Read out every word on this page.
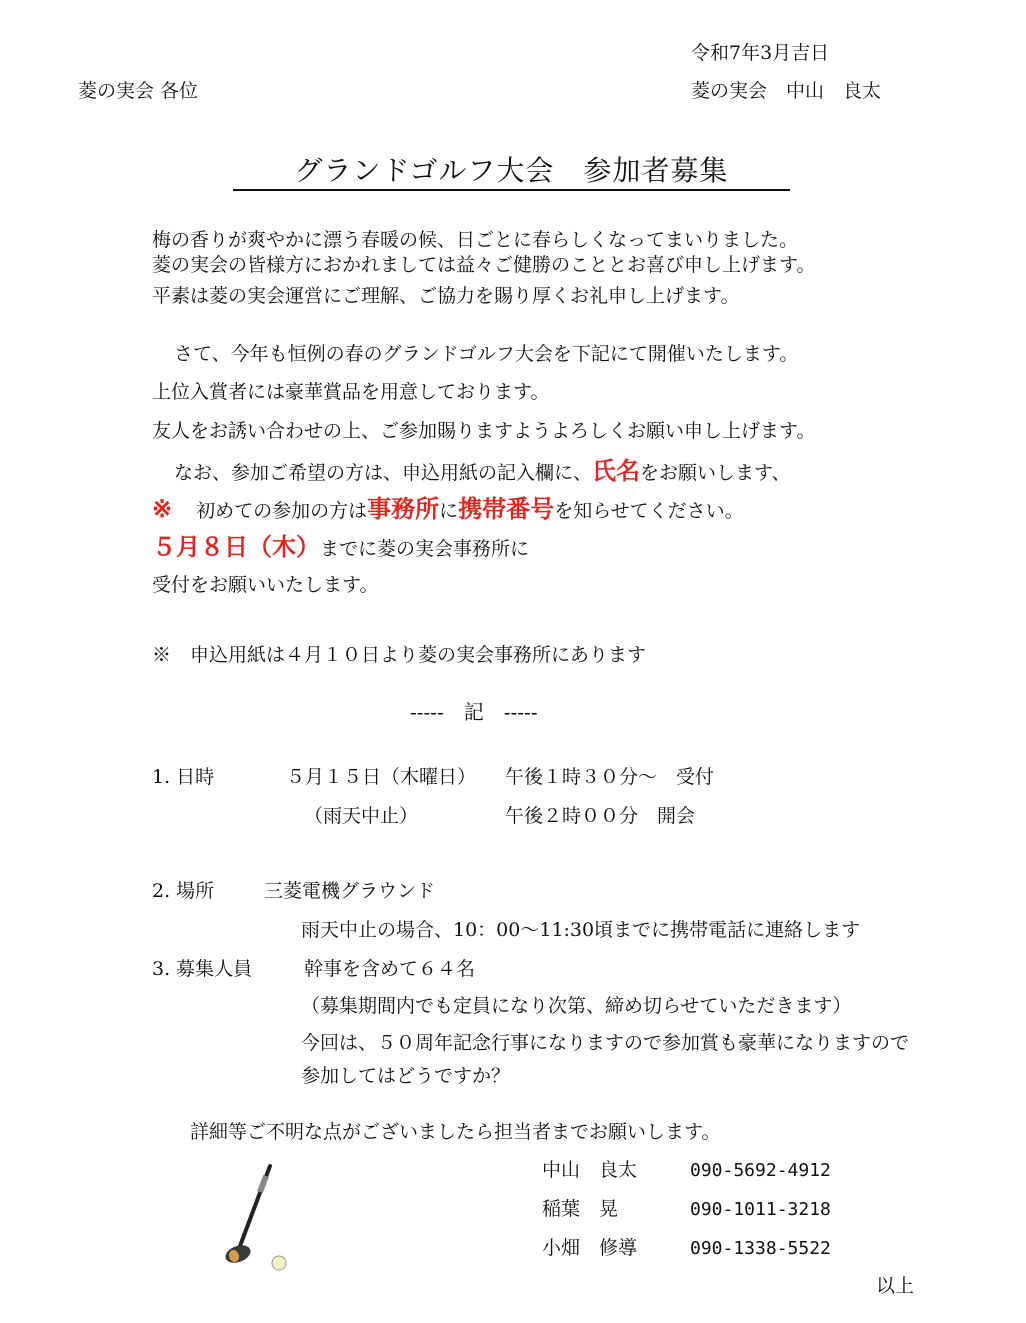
令和7年3月吉日
菱の実会 各位	菱の実会　中山　良太
グランドゴルフ大会　参加者募集
梅の香りが爽やかに漂う春暖の候、日ごとに春らしくなってまいりました。
菱の実会の皆様方におかれましては益々ご健勝のこととお喜び申し上げます。
平素は菱の実会運営にご理解、ご協力を賜り厚くお礼申し上げます。
さて、今年も恒例の春のグランドゴルフ大会を下記にて開催いたします。
上位入賞者には豪華賞品を用意しております。
友人をお誘い合わせの上、ご参加賜りますようよろしくお願い申し上げます。
なお、参加ご希望の方は、申込用紙の記入欄に、氏名をお願いします、
※ 初めての参加の方は事務所に携帯番号を知らせてください。
５月８日（木）までに菱の実会事務所に
受付をお願いいたします。
※　申込用紙は４月１０日より菱の実会事務所にあります
-----　記　-----
1. 日時	５月１５日（木曜日） 午後１時３０分～　受付
（雨天中止）	午後２時００分　開会
2. 場所	三菱電機グラウンド
雨天中止の場合、10：00～11:30頃までに携帯電話に連絡します
3. 募集人員	幹事を含めて６４名
（募集期間内でも定員になり次第、締め切らせていただきます）
今回は、５０周年記念行事になりますので参加賞も豪華になりますので
参加してはどうですか？
詳細等ご不明な点がございましたら担当者までお願いします。
中山　良太	090-5692-4912
稲葉　晃	090-1011-3218
小畑　修導	090-1338-5522
以上
